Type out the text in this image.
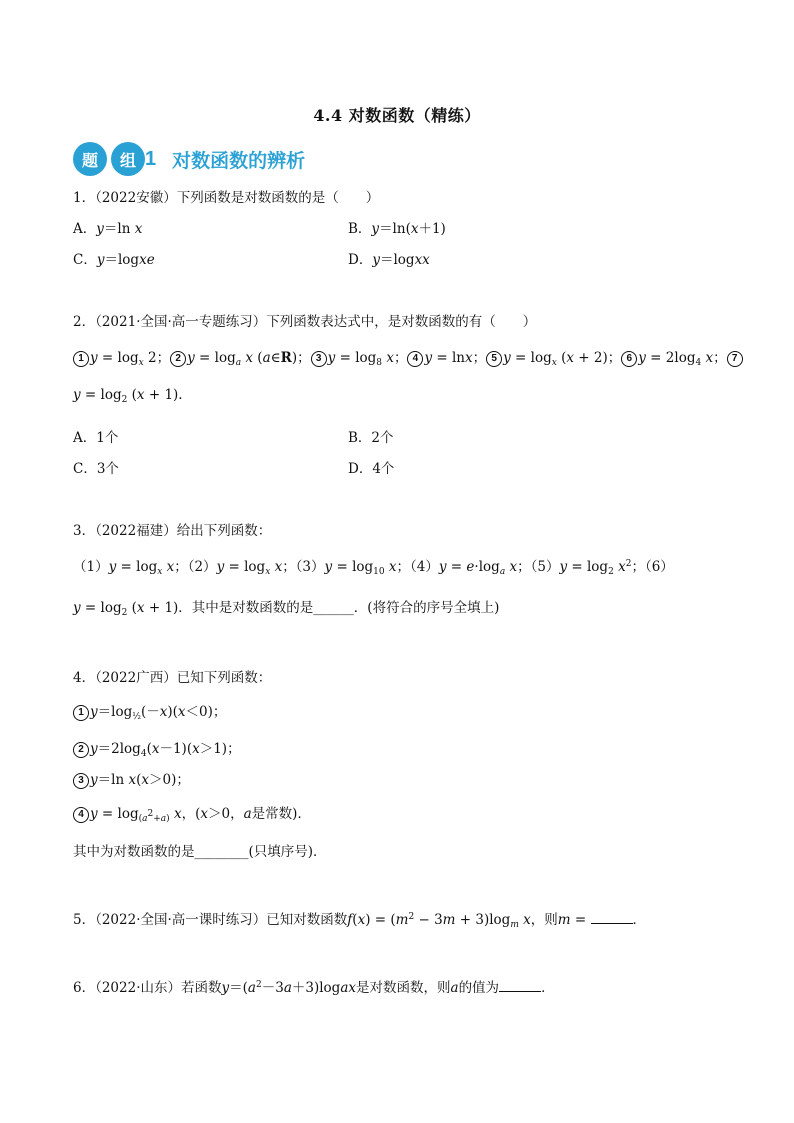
4.4 对数函数（精练）
题	组 1 对数函数的辨析
1．（2022安徽）下列函数是对数函数的是（　　）
A．y＝ln x	B．y＝ln(x＋1)
C．y＝logxe	D．y＝logxx
2．（2021·全国·高一专题练习）下列函数表达式中，是对数函数的有（　　）
1 $y = \log_x 2$； 2 $y = \log_a x$ (a∈R)； 3 $y = \log_8 x$； 4 y = lnx； 5 $y = \log_x (x + 2)$； 6 $y = 2\log_4$ x； 7
$y = \log_2 (x + 1)$.
A．1个	B．2个
C．3个	D．4个
3．（2022福建）给出下列函数：
$(1)y = \log_x x$；$(2)y = \log_x x$；$(3)y = \log_{10} x$；$(4)y = e\cdot\log_a$ x；$(5)y = \log_2 x^2$；（6）
$y = \log_2 (x + 1)$．其中是对数函数的是______．(将符合的序号全填上)
4．（2022广西）已知下列函数：
1 $y=\log_{\frac{1}{2}}(-x)(x<0)$；
2 $y=2\log_4(x-1)(x>1)$；
3 y＝ln x(x＞0)；
4 $y = \log_{(a^2+a)} x$，(x＞0，a是常数)．
其中为对数函数的是________(只填序号)．
5．（2022·全国·高一课时练习）已知对数函数$f(x) = (m^2 - 3m + 3)\log_m$ x，则m =	．
6．（2022·山东）若函数$y=(a^2-3a+3)logax$是对数函数，则a的值为	．
